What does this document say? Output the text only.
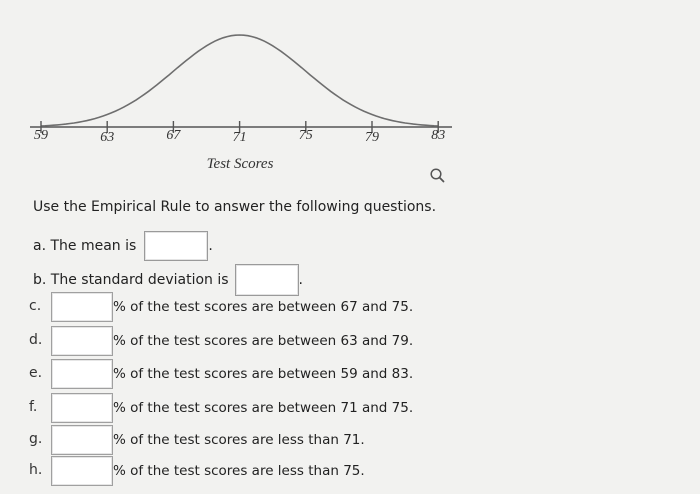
59	63	67	71	75	79	83
Test Scores
Use the Empirical Rule to answer the following questions.
a. The mean is	.
b. The standard deviation is	.
c.	% of the test scores are between 67 and 75.
d.	% of the test scores are between 63 and 79.
e.	% of the test scores are between 59 and 83.
f.	% of the test scores are between 71 and 75.
g.	% of the test scores are less than 71.
h.	% of the test scores are less than 75.
